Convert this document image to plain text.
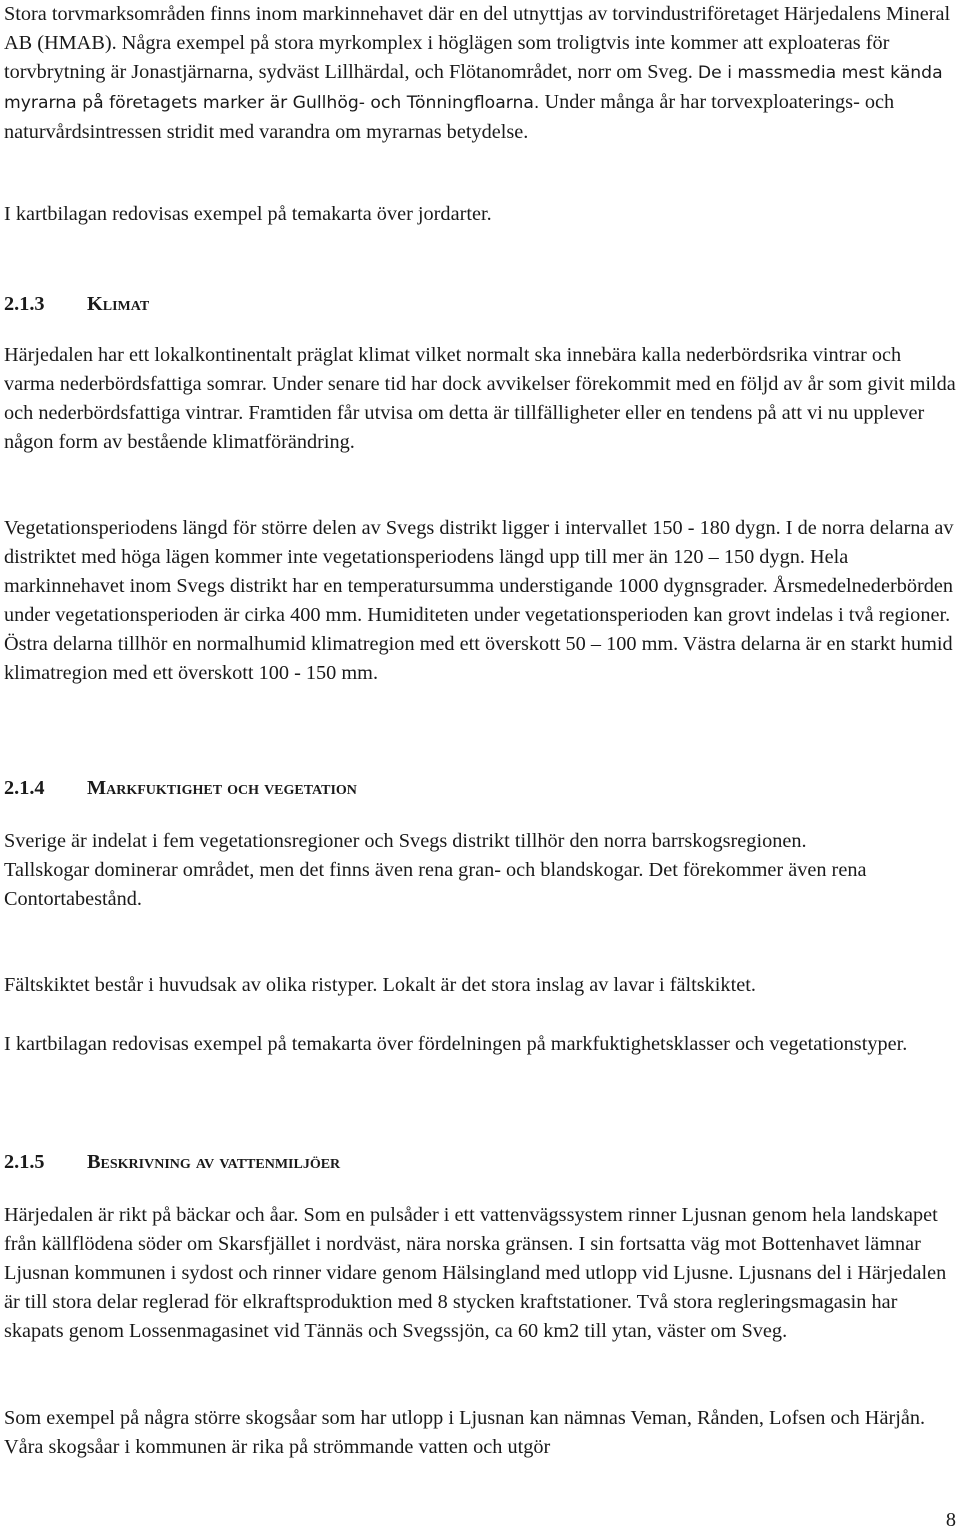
Stora torvmarksområden finns inom markinnehavet där en del utnyttjas av torvindustriföretaget Härjedalens Mineral AB (HMAB). Några exempel på stora myrkomplex i höglägen som troligtvis inte kommer att exploateras för torvbrytning är Jonastjärnarna, sydväst Lillhärdal, och Flötanområdet, norr om Sveg. De i massmedia mest kända myrarna på företagets marker är Gullhög- och Tönningfloarna. Under många år har torvexploaterings- och naturvårdsintressen stridit med varandra om myrarnas betydelse.

I kartbilagan redovisas exempel på temakarta över jordarter.

2.1.3	Klimat

Härjedalen har ett lokalkontinentalt präglat klimat vilket normalt ska innebära kalla nederbördsrika vintrar och varma nederbördsfattiga somrar. Under senare tid har dock avvikelser förekommit med en följd av år som givit milda och nederbördsfattiga vintrar. Framtiden får utvisa om detta är tillfälligheter eller en tendens på att vi nu upplever någon form av bestående klimatförändring.

Vegetationsperiodens längd för större delen av Svegs distrikt ligger i intervallet 150 - 180 dygn. I de norra delarna av distriktet med höga lägen kommer inte vegetationsperiodens längd upp till mer än 120 – 150 dygn. Hela markinnehavet inom Svegs distrikt har en temperatursumma understigande 1000 dygnsgrader. Årsmedelnederbörden under vegetationsperioden är cirka 400 mm. Humiditeten under vegetationsperioden kan grovt indelas i två regioner. Östra delarna tillhör en normalhumid klimatregion med ett överskott 50 – 100 mm. Västra delarna är en starkt humid klimatregion med ett överskott 100 - 150 mm.

2.1.4	Markfuktighet och vegetation

Sverige är indelat i fem vegetationsregioner och Svegs distrikt tillhör den norra barrskogsregionen.
Tallskogar dominerar området, men det finns även rena gran- och blandskogar. Det förekommer även rena Contortabestånd.

Fältskiktet består i huvudsak av olika ristyper. Lokalt är det stora inslag av lavar i fältskiktet.

I kartbilagan redovisas exempel på temakarta över fördelningen på markfuktighetsklasser och vegetationstyper.

2.1.5	Beskrivning av vattenmiljöer

Härjedalen är rikt på bäckar och åar. Som en pulsåder i ett vattenvägssystem rinner Ljusnan genom hela landskapet från källflödena söder om Skarsfjället i nordväst, nära norska gränsen. I sin fortsatta väg mot Bottenhavet lämnar Ljusnan kommunen i sydost och rinner vidare genom Hälsingland med utlopp vid Ljusne. Ljusnans del i Härjedalen är till stora delar reglerad för elkraftsproduktion med 8 stycken kraftstationer. Två stora regleringsmagasin har skapats genom Lossenmagasinet vid Tännäs och Svegssjön, ca 60 km2 till ytan, väster om Sveg.

Som exempel på några större skogsåar som har utlopp i Ljusnan kan nämnas Veman, Rånden, Lofsen och Härjån. Våra skogsåar i kommunen är rika på strömmande vatten och utgör

8
